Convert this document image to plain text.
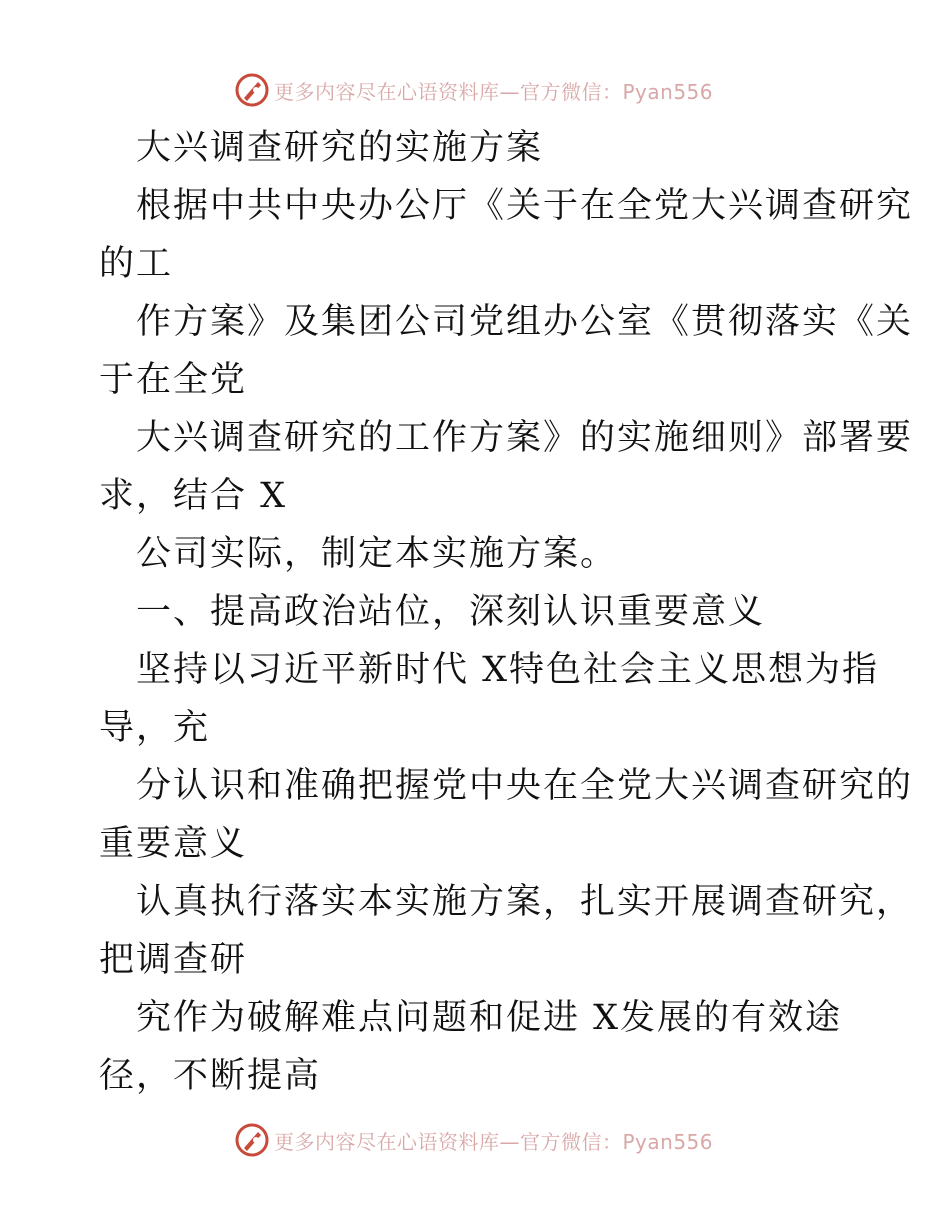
更多内容尽在心语资料库—官方微信：Pyan556
大兴调查研究的实施方案
根据中共中央办公厅《关于在全党大兴调查研究
的工
作方案》及集团公司党组办公室《贯彻落实《关
于在全党
大兴调查研究的工作方案》的实施细则》部署要
求，结合 X
公司实际，制定本实施方案。
一、提高政治站位，深刻认识重要意义
坚持以习近平新时代 X特色社会主义思想为指
导，充
分认识和准确把握党中央在全党大兴调查研究的
重要意义
认真执行落实本实施方案，扎实开展调查研究，
把调查研
究作为破解难点问题和促进 X发展的有效途
径，不断提高
更多内容尽在心语资料库—官方微信：Pyan556
